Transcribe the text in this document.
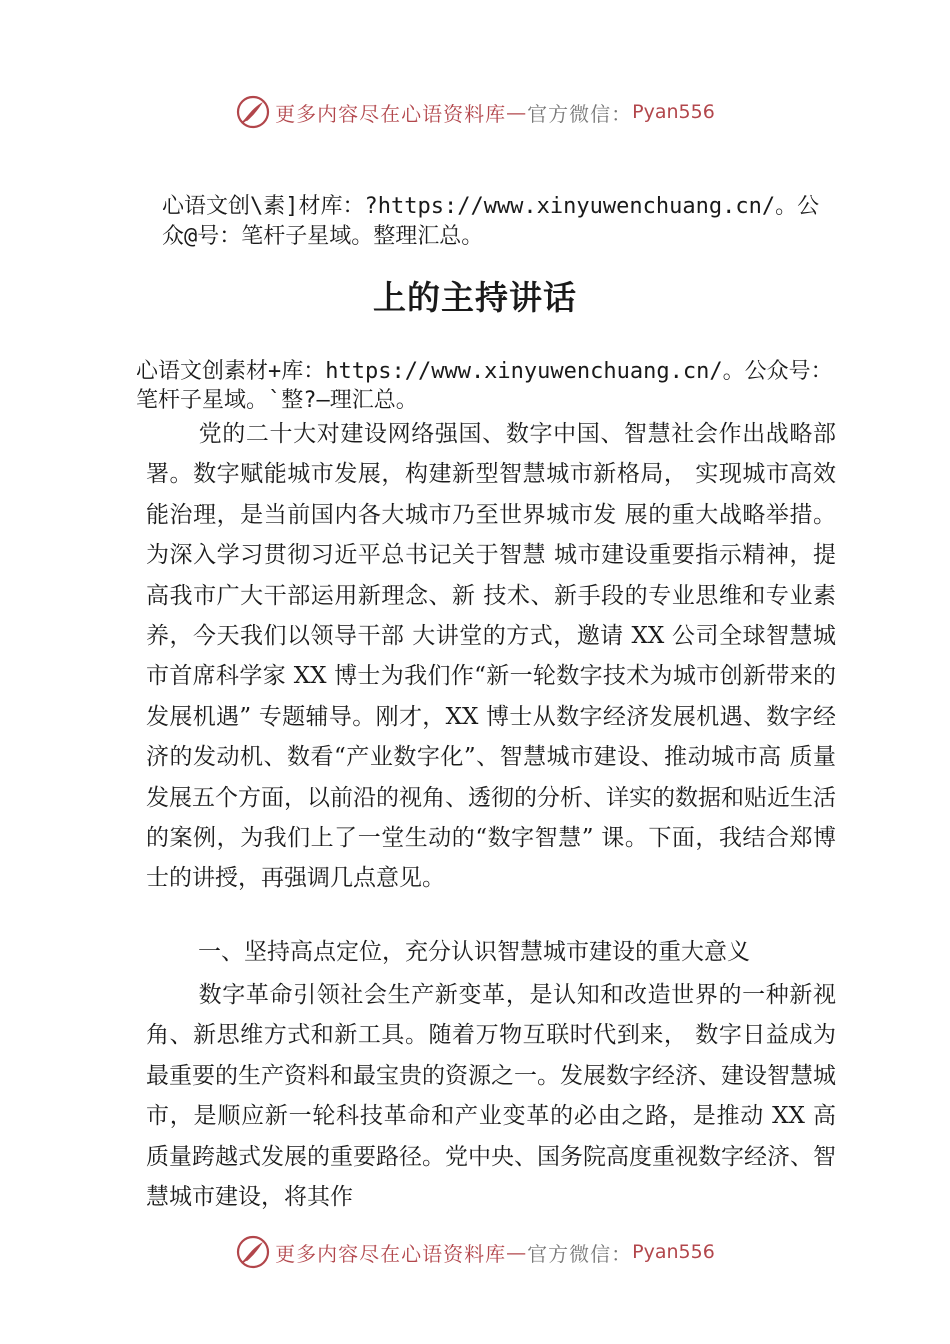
更多内容尽在心语资料库 — 官方微信： Pyan556
心语文创\素]材库：?https://www.xinyuwenchuang.cn/。公
众@号：笔杆子星域。整理汇总。
上的主持讲话
心语文创素材+库：https://www.xinyuwenchuang.cn/。公众号：
笔杆子星域。`整?—理汇总。
党的二十大对建设网络强国、数字中国、智慧社会作出战略部署。数字赋能城市发展，构建新型智慧城市新格局， 实现城市高效能治理，是当前国内各大城市乃至世界城市发 展的重大战略举措。为深入学习贯彻习近平总书记关于智慧 城市建设重要指示精神，提高我市广大干部运用新理念、新 技术、新手段的专业思维和专业素养，今天我们以领导干部 大讲堂的方式，邀请 XX 公司全球智慧城市首席科学家 XX 博士为我们作“新一轮数字技术为城市创新带来的发展机遇” 专题辅导。刚才，XX 博士从数字经济发展机遇、数字经济的发动机、数看“产业数字化”、智慧城市建设、推动城市高 质量发展五个方面，以前沿的视角、透彻的分析、详实的数据和贴近生活的案例，为我们上了一堂生动的“数字智慧” 课。下面，我结合郑博士的讲授，再强调几点意见。
一、坚持高点定位，充分认识智慧城市建设的重大意义
数字革命引领社会生产新变革，是认知和改造世界的一种新视角、新思维方式和新工具。随着万物互联时代到来， 数字日益成为最重要的生产资料和最宝贵的资源之一。发展数字经济、建设智慧城市，是顺应新一轮科技革命和产业变革的必由之路，是推动 XX 高质量跨越式发展的重要路径。党中央、国务院高度重视数字经济、智慧城市建设，将其作
更多内容尽在心语资料库 — 官方微信： Pyan556
